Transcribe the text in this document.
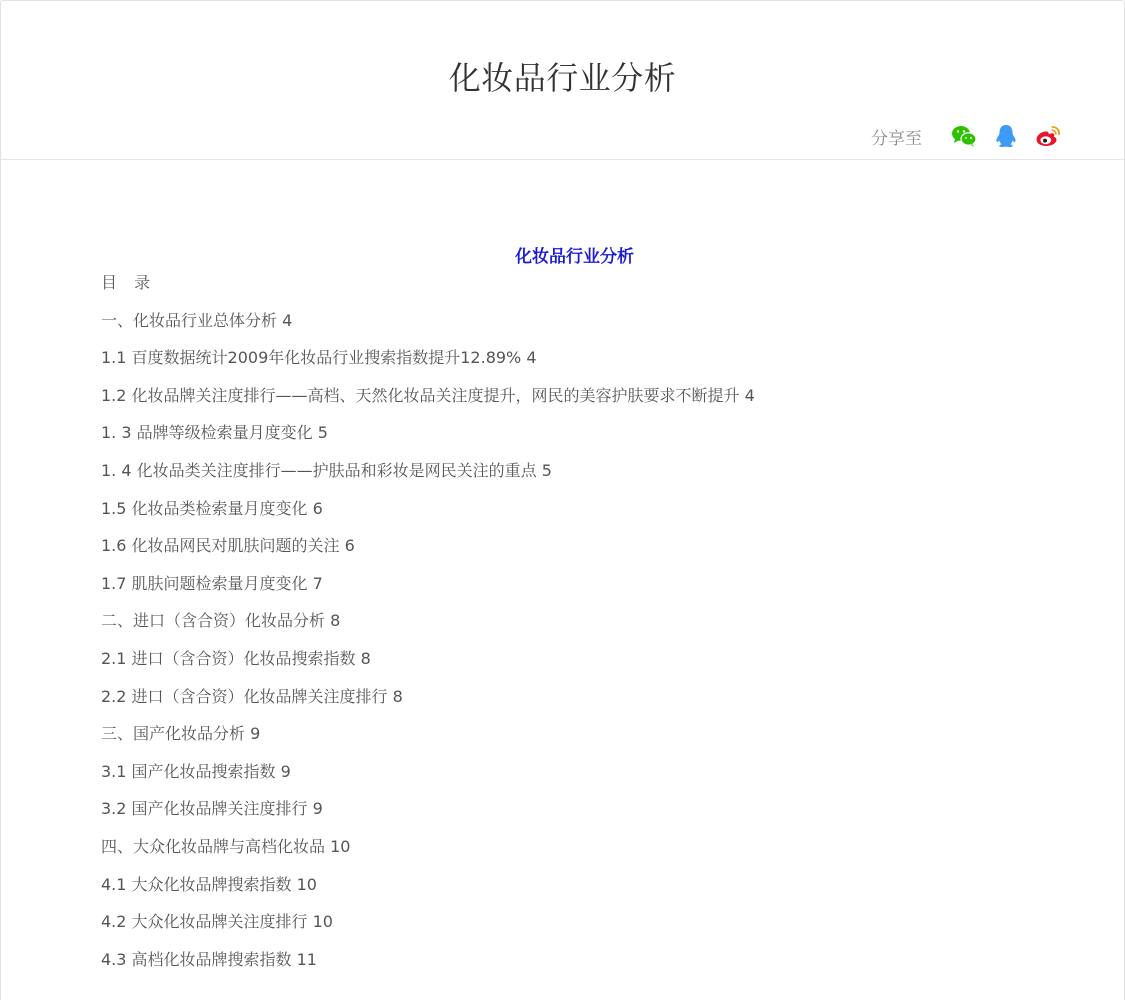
化妆品行业分析
分享至
化妆品行业分析
目 录
一、化妆品行业总体分析 4
1.1 百度数据统计2009年化妆品行业搜索指数提升12.89% 4
1.2 化妆品牌关注度排行——高档、天然化妆品关注度提升，网民的美容护肤要求不断提升 4
1. 3 品牌等级检索量月度变化 5
1. 4 化妆品类关注度排行——护肤品和彩妆是网民关注的重点 5
1.5 化妆品类检索量月度变化 6
1.6 化妆品网民对肌肤问题的关注 6
1.7 肌肤问题检索量月度变化 7
二、进口（含合资）化妆品分析 8
2.1 进口（含合资）化妆品搜索指数 8
2.2 进口（含合资）化妆品牌关注度排行 8
三、国产化妆品分析 9
3.1 国产化妆品搜索指数 9
3.2 国产化妆品牌关注度排行 9
四、大众化妆品牌与高档化妆品 10
4.1 大众化妆品牌搜索指数 10
4.2 大众化妆品牌关注度排行 10
4.3 高档化妆品牌搜索指数 11
